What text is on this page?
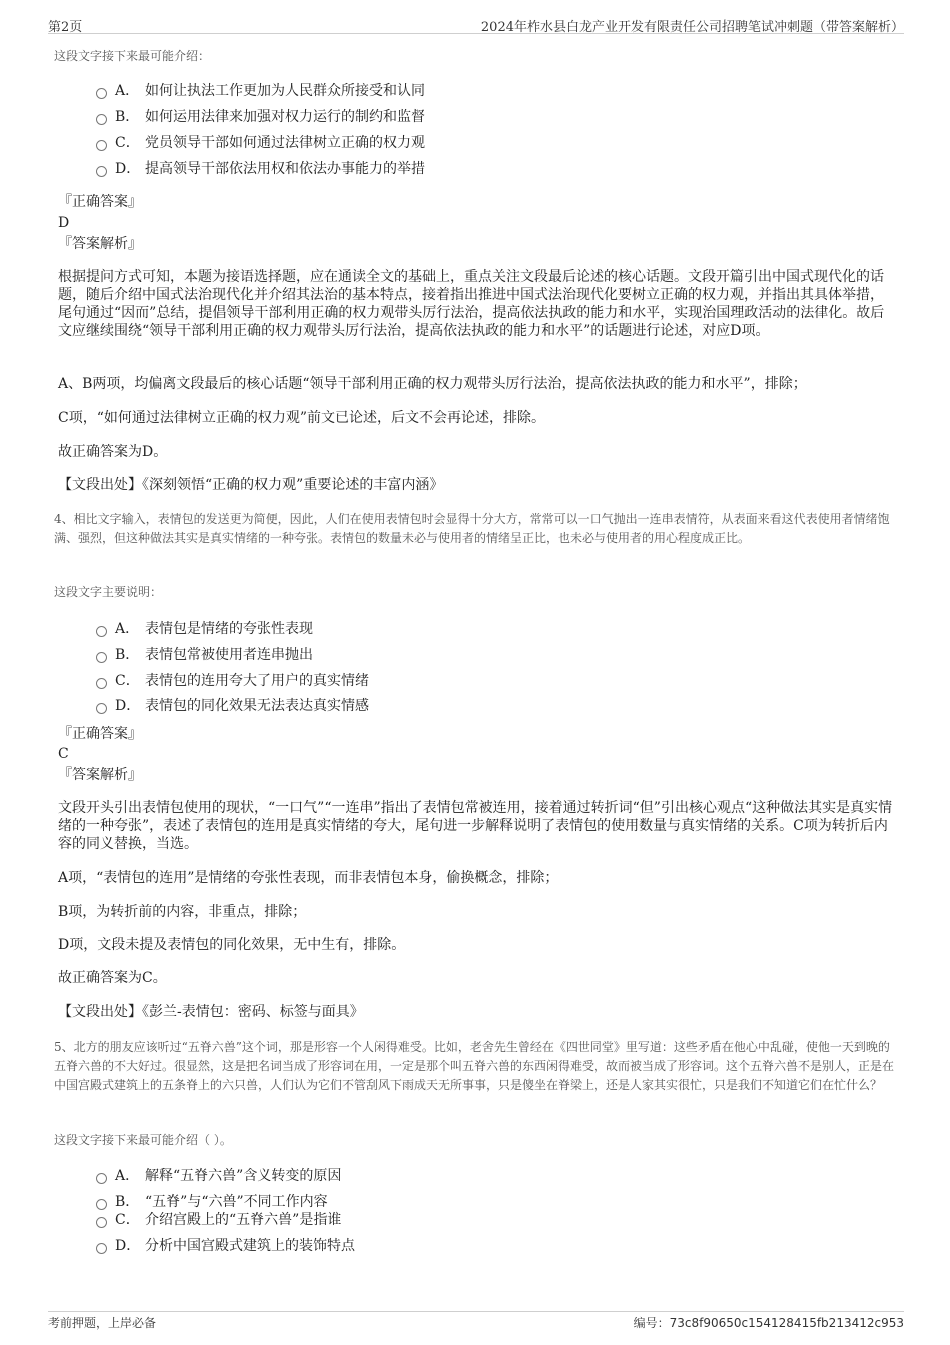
第2页	2024年柞水县白龙产业开发有限责任公司招聘笔试冲刺题（带答案解析）
这段文字接下来最可能介绍：
A． 如何让执法工作更加为人民群众所接受和认同
B． 如何运用法律来加强对权力运行的制约和监督
C． 党员领导干部如何通过法律树立正确的权力观
D． 提高领导干部依法用权和依法办事能力的举措
『正确答案』
D
『答案解析』
根据提问方式可知，本题为接语选择题，应在通读全文的基础上，重点关注文段最后论述的核心话题。文段开篇引出中国式现代化的话题，随后介绍中国式法治现代化并介绍其法治的基本特点，接着指出推进中国式法治现代化要树立正确的权力观，并指出其具体举措，尾句通过“因而”总结，提倡领导干部利用正确的权力观带头厉行法治，提高依法执政的能力和水平，实现治国理政活动的法律化。故后文应继续围绕“领导干部利用正确的权力观带头厉行法治，提高依法执政的能力和水平”的话题进行论述，对应D项。
A、B两项，均偏离文段最后的核心话题“领导干部利用正确的权力观带头厉行法治，提高依法执政的能力和水平”，排除；
C项，“如何通过法律树立正确的权力观”前文已论述，后文不会再论述，排除。
故正确答案为D。
【文段出处】《深刻领悟“正确的权力观”重要论述的丰富内涵》
4、相比文字输入，表情包的发送更为简便，因此，人们在使用表情包时会显得十分大方，常常可以一口气抛出一连串表情符，从表面来看这代表使用者情绪饱满、强烈，但这种做法其实是真实情绪的一种夸张。表情包的数量未必与使用者的情绪呈正比，也未必与使用者的用心程度成正比。
这段文字主要说明：
A． 表情包是情绪的夸张性表现
B． 表情包常被使用者连串抛出
C． 表情包的连用夸大了用户的真实情绪
D． 表情包的同化效果无法表达真实情感
『正确答案』
C
『答案解析』
文段开头引出表情包使用的现状，“一口气”“一连串”指出了表情包常被连用，接着通过转折词“但”引出核心观点“这种做法其实是真实情绪的一种夸张”，表述了表情包的连用是真实情绪的夸大，尾句进一步解释说明了表情包的使用数量与真实情绪的关系。C项为转折后内容的同义替换，当选。
A项，“表情包的连用”是情绪的夸张性表现，而非表情包本身，偷换概念，排除；
B项，为转折前的内容，非重点，排除；
D项，文段未提及表情包的同化效果，无中生有，排除。
故正确答案为C。
【文段出处】《彭兰-表情包：密码、标签与面具》
5、北方的朋友应该听过“五脊六兽”这个词，那是形容一个人闲得难受。比如，老舍先生曾经在《四世同堂》里写道：这些矛盾在他心中乱碰，使他一天到晚的五脊六兽的不大好过。很显然，这是把名词当成了形容词在用，一定是那个叫五脊六兽的东西闲得难受，故而被当成了形容词。这个五脊六兽不是别人，正是在中国宫殿式建筑上的五条脊上的六只兽，人们认为它们不管刮风下雨成天无所事事，只是傻坐在脊梁上，还是人家其实很忙，只是我们不知道它们在忙什么？
这段文字接下来最可能介绍（ ）。
A． 解释“五脊六兽”含义转变的原因
B． “五脊”与“六兽”不同工作内容
C． 介绍宫殿上的“五脊六兽”是指谁
D． 分析中国宫殿式建筑上的装饰特点
考前押题，上岸必备	编号：73c8f90650c154128415fb213412c953
